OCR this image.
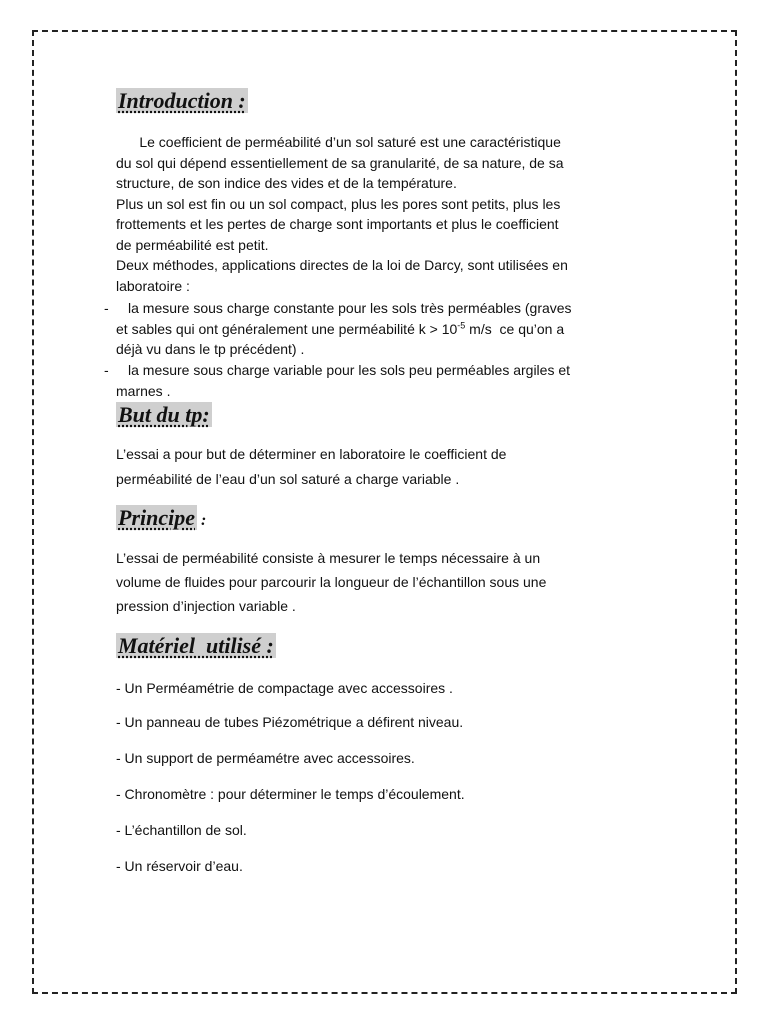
Introduction :
Le coefficient de perméabilité d’un sol saturé est une caractéristique
du sol qui dépend essentiellement de sa granularité, de sa nature, de sa
structure, de son indice des vides et de la température.
Plus un sol est fin ou un sol compact, plus les pores sont petits, plus les
frottements et les pertes de charge sont importants et plus le coefficient
de perméabilité est petit.
Deux méthodes, applications directes de la loi de Darcy, sont utilisées en
laboratoire :
-	la mesure sous charge constante pour les sols très perméables (graves
et sables qui ont généralement une perméabilité $k > 10^{-5}$ m/s  ce qu’on a
déjà vu dans le tp précédent) .
-	la mesure sous charge variable pour les sols peu perméables argiles et
marnes .
But du tp:
L’essai a pour but de déterminer en laboratoire le coefficient de
perméabilité de l’eau d’un sol saturé a charge variable .
Principe :
L’essai de perméabilité consiste à mesurer le temps nécessaire à un
volume de fluides pour parcourir la longueur de l’échantillon sous une
pression d’injection variable .
Matériel  utilisé :
- Un Perméamétrie de compactage avec accessoires .
- Un panneau de tubes Piézométrique a défirent niveau.
- Un support de perméamétre avec accessoires.
- Chronomètre : pour déterminer le temps d’écoulement.
- L’échantillon de sol.
- Un réservoir d’eau.
